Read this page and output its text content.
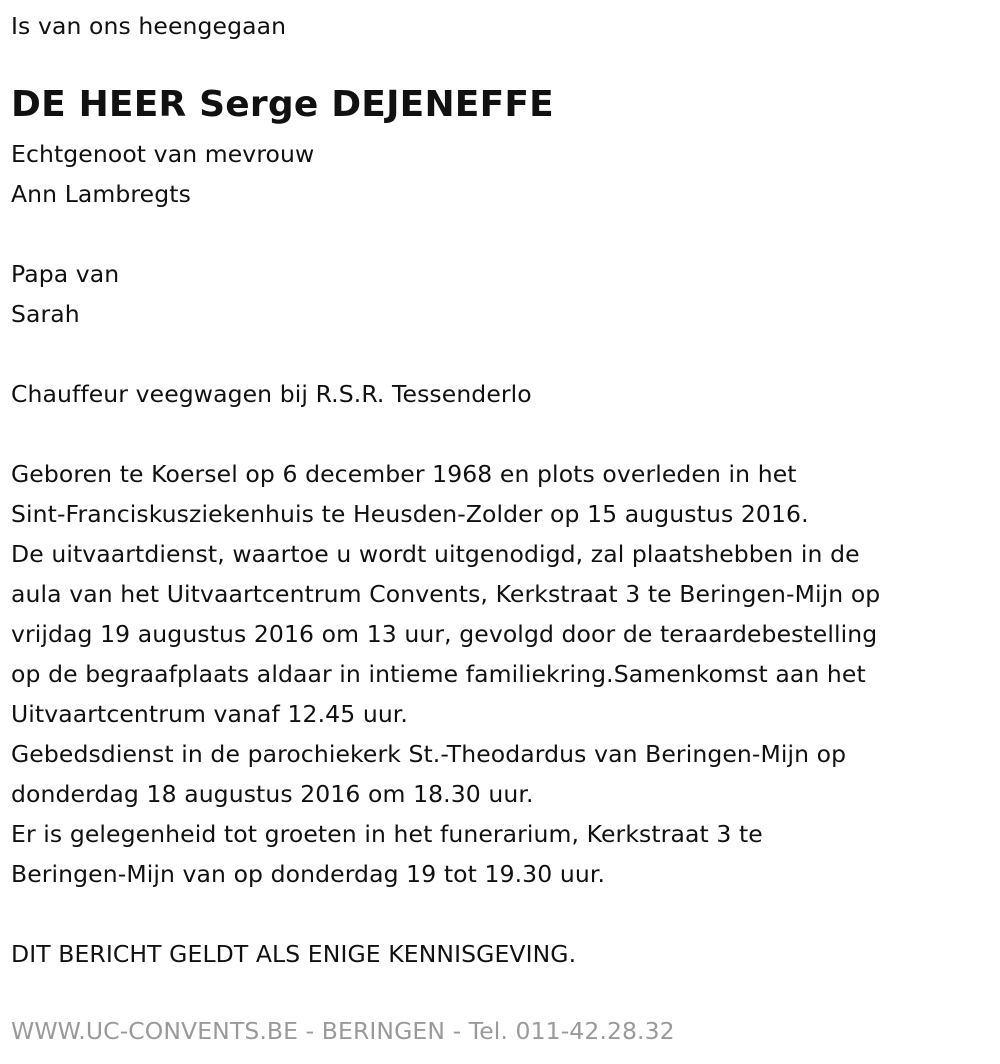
Is van ons heengegaan
DE HEER Serge DEJENEFFE
Echtgenoot van mevrouw
Ann Lambregts
Papa van
Sarah
Chauffeur veegwagen bij R.S.R. Tessenderlo
Geboren te Koersel op 6 december 1968 en plots overleden in het
Sint-Franciskusziekenhuis te Heusden-Zolder op 15 augustus 2016.
De uitvaartdienst, waartoe u wordt uitgenodigd, zal plaatshebben in de
aula van het Uitvaartcentrum Convents, Kerkstraat 3 te Beringen-Mijn op
vrijdag 19 augustus 2016 om 13 uur, gevolgd door de teraardebestelling
op de begraafplaats aldaar in intieme familiekring.Samenkomst aan het
Uitvaartcentrum vanaf 12.45 uur.
Gebedsdienst in de parochiekerk St.-Theodardus van Beringen-Mijn op
donderdag 18 augustus 2016 om 18.30 uur.
Er is gelegenheid tot groeten in het funerarium, Kerkstraat 3 te
Beringen-Mijn van op donderdag 19 tot 19.30 uur.
DIT BERICHT GELDT ALS ENIGE KENNISGEVING.
WWW.UC-CONVENTS.BE - BERINGEN - Tel. 011-42.28.32
